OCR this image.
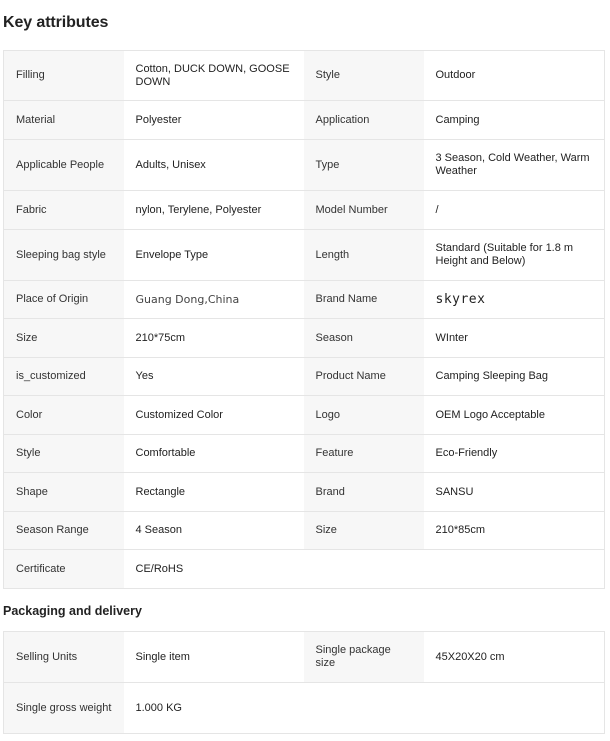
Key attributes
Filling	Cotton, DUCK DOWN, GOOSE DOWN	Style	Outdoor
Material	Polyester	Application	Camping
Applicable People	Adults, Unisex	Type	3 Season, Cold Weather, Warm Weather
Fabric	nylon, Terylene, Polyester	Model Number	/
Sleeping bag style	Envelope Type	Length	Standard (Suitable for 1.8 m Height and Below)
Place of Origin	Guang Dong,China	Brand Name	skyrex
Size	210*75cm	Season	WInter
is_customized	Yes	Product Name	Camping Sleeping Bag
Color	Customized Color	Logo	OEM Logo Acceptable
Style	Comfortable	Feature	Eco-Friendly
Shape	Rectangle	Brand	SANSU
Season Range	4 Season	Size	210*85cm
Certificate	CE/RoHS		
Packaging and delivery
Selling Units	Single item	Single package size	45X20X20 cm
Single gross weight	1.000 KG		
